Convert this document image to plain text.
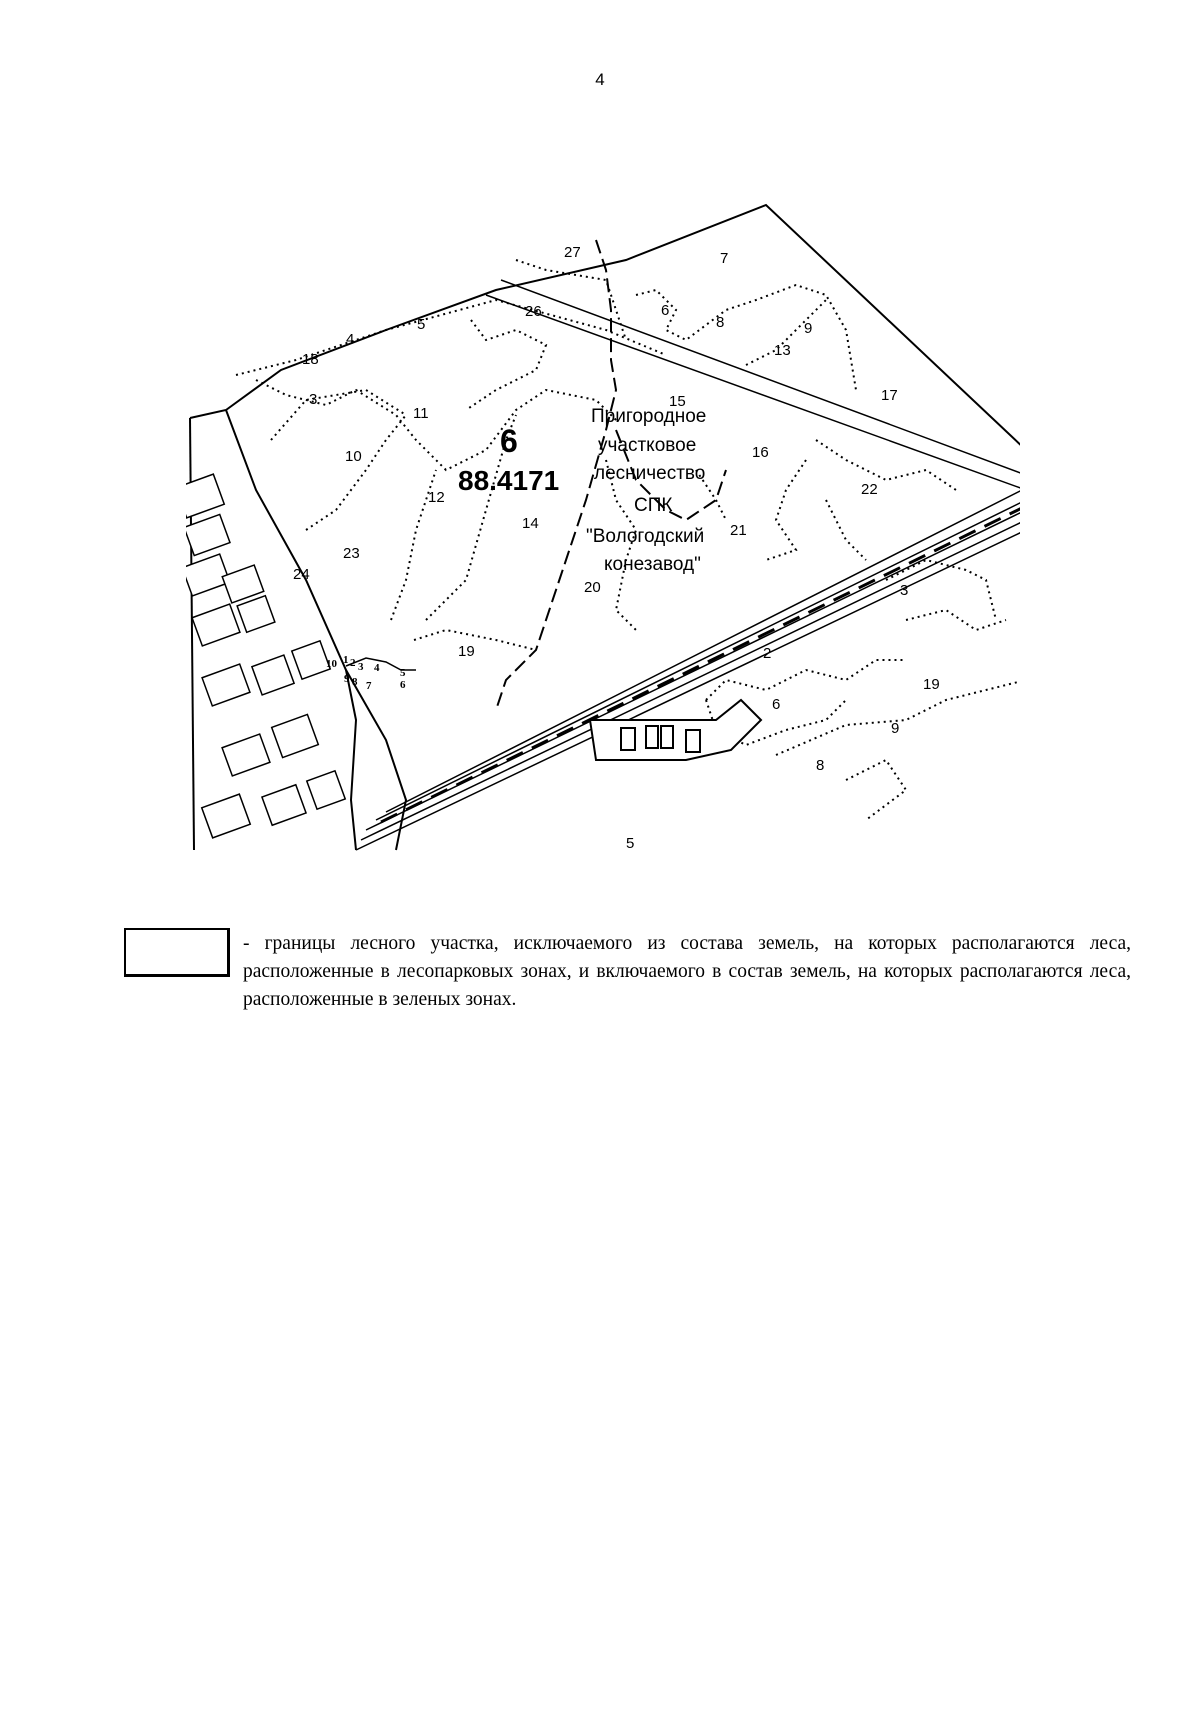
4
7
6
8	9
13
17
27
26
5
4
18
3
11
10
12
14
20
19
16
22
15
24
23
21
3
2
6
9
8
19
5
10 1 2 3 4 5
9 8 7	6
6
88.4171
Пригородное
участковое
лесничество
СПК
"Вологодский
конезавод"
- границы лесного участка, исключаемого из состава земель, на которых располагаются леса, расположенные в лесопарковых зонах, и включаемого в состав земель, на которых располагаются леса, расположенные в зеленых зонах.
